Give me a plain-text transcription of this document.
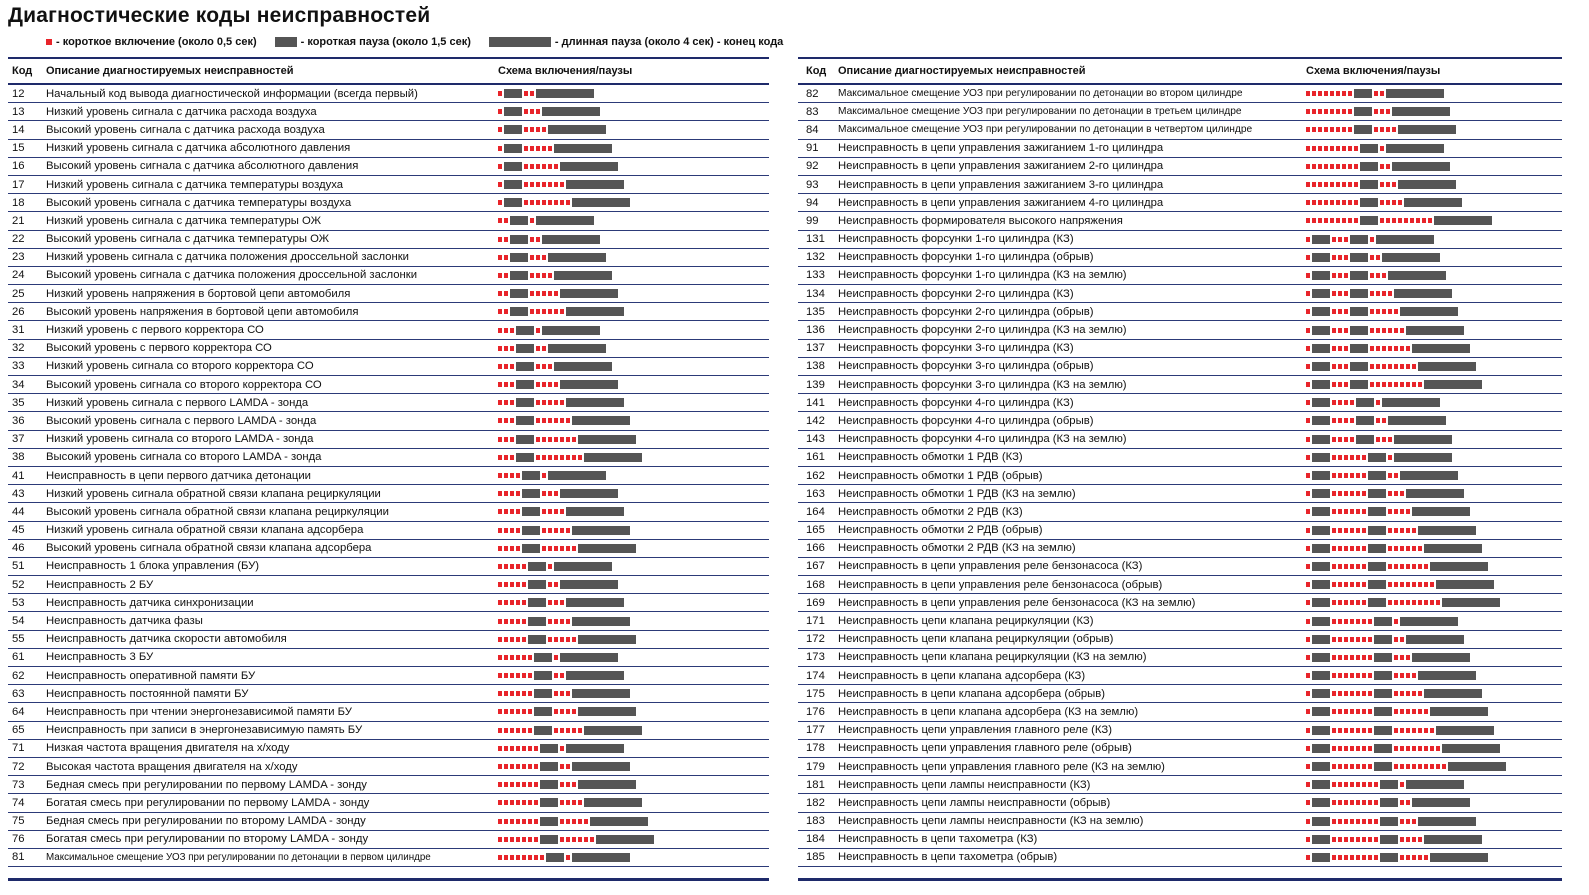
Диагностические коды неисправностей
- короткое включение (около 0,5 сек)	- короткая пауза (около 1,5 сек)	- длинная пауза (около 4 сек) - конец кода
Код	Описание диагностируемых неисправностей	Схема включения/паузы
12	Начальный код вывода диагностической информации (всегда первый)
13	Низкий уровень сигнала с датчика расхода воздуха
14	Высокий уровень сигнала с датчика расхода воздуха
15	Низкий уровень сигнала с датчика абсолютного давления
16	Высокий уровень сигнала с датчика абсолютного давления
17	Низкий уровень сигнала с датчика температуры воздуха
18	Высокий уровень сигнала с датчика температуры воздуха
21	Низкий уровень сигнала с датчика температуры ОЖ
22	Высокий уровень сигнала с датчика температуры ОЖ
23	Низкий уровень сигнала с датчика положения дроссельной заслонки
24	Высокий уровень сигнала с датчика положения дроссельной заслонки
25	Низкий уровень напряжения в бортовой цепи автомобиля
26	Высокий уровень напряжения в бортовой цепи автомобиля
31	Низкий уровень с первого корректора СО
32	Высокий уровень с первого корректора СО
33	Низкий уровень сигнала со второго корректора СО
34	Высокий уровень сигнала со второго корректора СО
35	Низкий уровень сигнала с первого LAMDA - зонда
36	Высокий уровень сигнала с первого LAMDA - зонда
37	Низкий уровень сигнала со второго LAMDA - зонда
38	Высокий уровень сигнала со второго LAMDA - зонда
41	Неисправность в цепи первого датчика детонации
43	Низкий уровень сигнала обратной связи клапана рециркуляции
44	Высокий уровень сигнала обратной связи клапана рециркуляции
45	Низкий уровень сигнала обратной связи клапана адсорбера
46	Высокий уровень сигнала обратной связи клапана адсорбера
51	Неисправность 1 блока управления (БУ)
52	Неисправность 2 БУ
53	Неисправность датчика синхронизации
54	Неисправность датчика фазы
55	Неисправность датчика скорости автомобиля
61	Неисправность 3 БУ
62	Неисправность оперативной памяти БУ
63	Неисправность постоянной памяти БУ
64	Неисправность при чтении энергонезависимой памяти БУ
65	Неисправность при записи в энергонезависимую память БУ
71	Низкая частота вращения двигателя на х/ходу
72	Высокая частота вращения двигателя на х/ходу
73	Бедная смесь при регулировании по первому LAMDA - зонду
74	Богатая смесь при регулировании по первому LAMDA - зонду
75	Бедная смесь при регулировании по второму LAMDA - зонду
76	Богатая смесь при регулировании по второму LAMDA - зонду
81	Максимальное смещение УОЗ при регулировании по детонации в первом цилиндре
Код	Описание диагностируемых неисправностей	Схема включения/паузы
82	Максимальное смещение УОЗ при регулировании по детонации во втором цилиндре
83	Максимальное смещение УОЗ при регулировании по детонации в третьем цилиндре
84	Максимальное смещение УОЗ при регулировании по детонации в четвертом цилиндре
91	Неисправность в цепи управления зажиганием 1-го цилиндра
92	Неисправность в цепи управления зажиганием 2-го цилиндра
93	Неисправность в цепи управления зажиганием 3-го цилиндра
94	Неисправность в цепи управления зажиганием 4-го цилиндра
99	Неисправность формирователя высокого напряжения
131	Неисправность форсунки 1-го цилиндра (КЗ)
132	Неисправность форсунки 1-го цилиндра (обрыв)
133	Неисправность форсунки 1-го цилиндра (КЗ на землю)
134	Неисправность форсунки 2-го цилиндра (КЗ)
135	Неисправность форсунки 2-го цилиндра (обрыв)
136	Неисправность форсунки 2-го цилиндра (КЗ на землю)
137	Неисправность форсунки 3-го цилиндра (КЗ)
138	Неисправность форсунки 3-го цилиндра (обрыв)
139	Неисправность форсунки 3-го цилиндра (КЗ на землю)
141	Неисправность форсунки 4-го цилиндра (КЗ)
142	Неисправность форсунки 4-го цилиндра (обрыв)
143	Неисправность форсунки 4-го цилиндра (КЗ на землю)
161	Неисправность обмотки 1 РДВ (КЗ)
162	Неисправность обмотки 1 РДВ (обрыв)
163	Неисправность обмотки 1 РДВ (КЗ на землю)
164	Неисправность обмотки 2 РДВ (КЗ)
165	Неисправность обмотки 2 РДВ (обрыв)
166	Неисправность обмотки 2 РДВ (КЗ на землю)
167	Неисправность в цепи управления реле бензонасоса (КЗ)
168	Неисправность в цепи управления реле бензонасоса (обрыв)
169	Неисправность в цепи управления реле бензонасоса (КЗ на землю)
171	Неисправность цепи клапана рециркуляции (КЗ)
172	Неисправность цепи клапана рециркуляции (обрыв)
173	Неисправность цепи клапана рециркуляции (КЗ на землю)
174	Неисправность в цепи клапана адсорбера (КЗ)
175	Неисправность в цепи клапана адсорбера (обрыв)
176	Неисправность в цепи клапана адсорбера (КЗ на землю)
177	Неисправность цепи управления главного реле (КЗ)
178	Неисправность цепи управления главного реле (обрыв)
179	Неисправность цепи управления главного реле (КЗ на землю)
181	Неисправность цепи лампы неисправности (КЗ)
182	Неисправность цепи лампы неисправности (обрыв)
183	Неисправность цепи лампы неисправности (КЗ на землю)
184	Неисправность в цепи тахометра (КЗ)
185	Неисправность в цепи тахометра (обрыв)
